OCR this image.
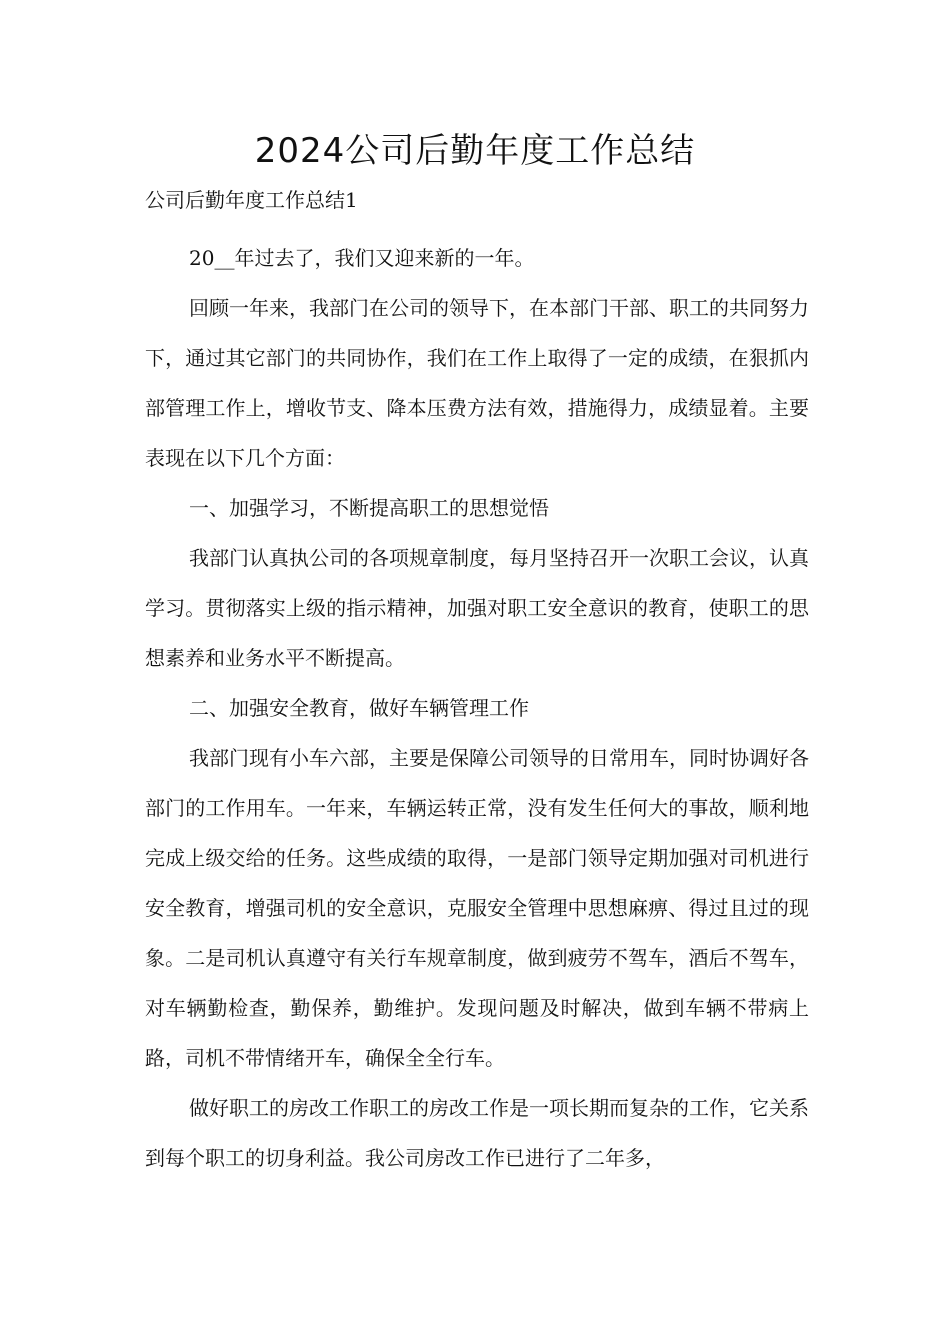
2024公司后勤年度工作总结
公司后勤年度工作总结1

20__年过去了，我们又迎来新的一年。

回顾一年来，我部门在公司的领导下，在本部门干部、职工的共同努力下，通过其它部门的共同协作，我们在工作上取得了一定的成绩，在狠抓内部管理工作上，增收节支、降本压费方法有效，措施得力，成绩显着。主要表现在以下几个方面：

一、加强学习，不断提高职工的思想觉悟

我部门认真执公司的各项规章制度，每月坚持召开一次职工会议，认真学习。贯彻落实上级的指示精神，加强对职工安全意识的教育，使职工的思想素养和业务水平不断提高。

二、加强安全教育，做好车辆管理工作

我部门现有小车六部，主要是保障公司领导的日常用车，同时协调好各部门的工作用车。一年来，车辆运转正常，没有发生任何大的事故，顺利地完成上级交给的任务。这些成绩的取得，一是部门领导定期加强对司机进行安全教育，增强司机的安全意识，克服安全管理中思想麻痹、得过且过的现象。二是司机认真遵守有关行车规章制度，做到疲劳不驾车，酒后不驾车，对车辆勤检查，勤保养，勤维护。发现问题及时解决，做到车辆不带病上路，司机不带情绪开车，确保全全行车。

做好职工的房改工作职工的房改工作是一项长期而复杂的工作，它关系到每个职工的切身利益。我公司房改工作已进行了二年多，
